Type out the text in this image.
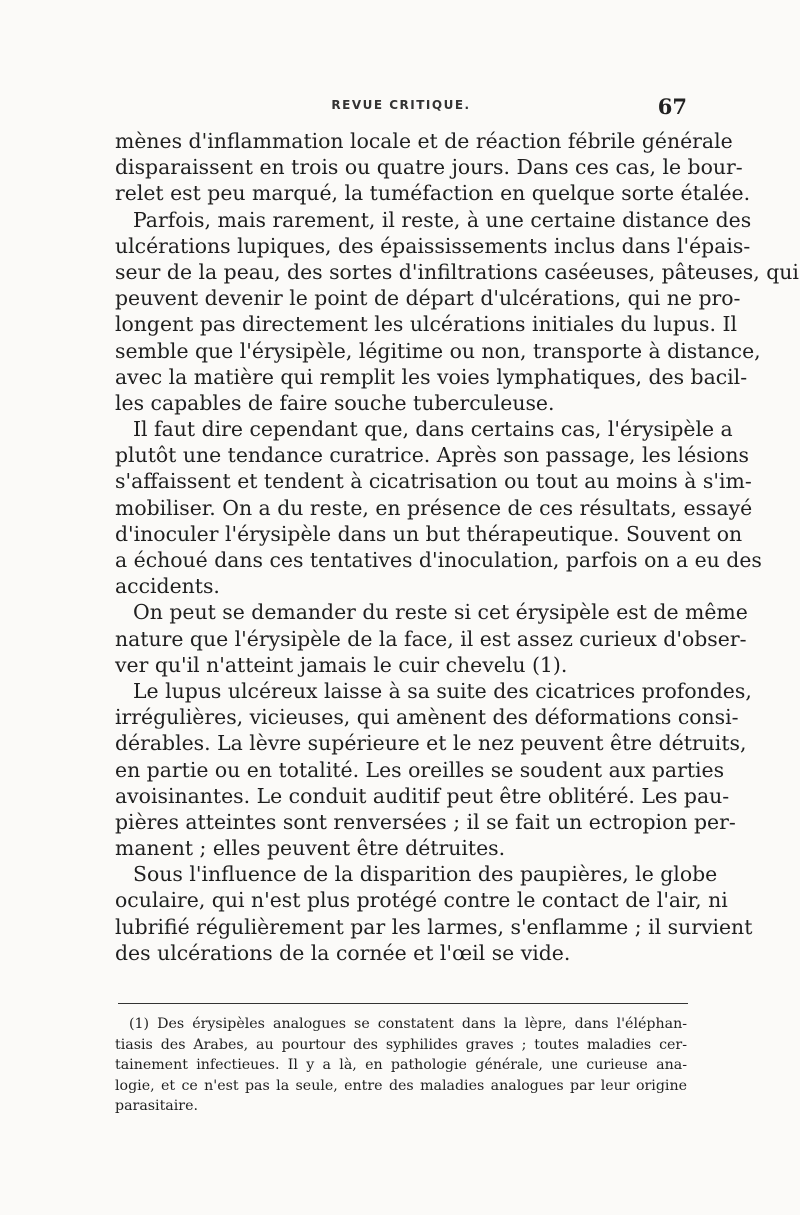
REVUE CRITIQUE.	67
mènes d'inflammation locale et de réaction fébrile générale
disparaissent en trois ou quatre jours. Dans ces cas, le bour-
relet est peu marqué, la tuméfaction en quelque sorte étalée.
Parfois, mais rarement, il reste, à une certaine distance des
ulcérations lupiques, des épaississements inclus dans l'épais-
seur de la peau, des sortes d'infiltrations caséeuses, pâteuses, qui
peuvent devenir le point de départ d'ulcérations, qui ne pro-
longent pas directement les ulcérations initiales du lupus. Il
semble que l'érysipèle, légitime ou non, transporte à distance,
avec la matière qui remplit les voies lymphatiques, des bacil-
les capables de faire souche tuberculeuse.
Il faut dire cependant que, dans certains cas, l'érysipèle a
plutôt une tendance curatrice. Après son passage, les lésions
s'affaissent et tendent à cicatrisation ou tout au moins à s'im-
mobiliser. On a du reste, en présence de ces résultats, essayé
d'inoculer l'érysipèle dans un but thérapeutique. Souvent on
a échoué dans ces tentatives d'inoculation, parfois on a eu des
accidents.
On peut se demander du reste si cet érysipèle est de même
nature que l'érysipèle de la face, il est assez curieux d'obser-
ver qu'il n'atteint jamais le cuir chevelu (1).
Le lupus ulcéreux laisse à sa suite des cicatrices profondes,
irrégulières, vicieuses, qui amènent des déformations consi-
dérables. La lèvre supérieure et le nez peuvent être détruits,
en partie ou en totalité. Les oreilles se soudent aux parties
avoisinantes. Le conduit auditif peut être oblitéré. Les pau-
pières atteintes sont renversées ; il se fait un ectropion per-
manent ; elles peuvent être détruites.
Sous l'influence de la disparition des paupières, le globe
oculaire, qui n'est plus protégé contre le contact de l'air, ni
lubrifié régulièrement par les larmes, s'enflamme ; il survient
des ulcérations de la cornée et l'œil se vide.
(1) Des érysipèles analogues se constatent dans la lèpre, dans l'éléphan-
tiasis des Arabes, au pourtour des syphilides graves ; toutes maladies cer-
tainement infectieues. Il y a là, en pathologie générale, une curieuse ana-
logie, et ce n'est pas la seule, entre des maladies analogues par leur origine
parasitaire.
